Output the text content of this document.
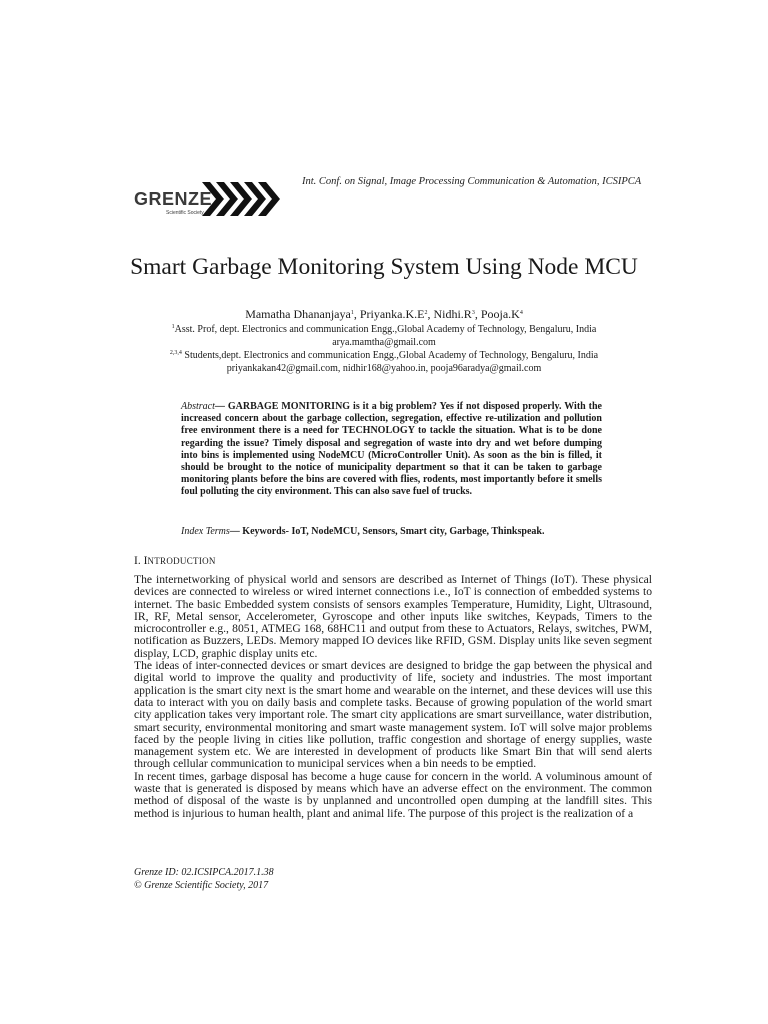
GRENZE
Scientific Society
Int. Conf. on Signal, Image Processing Communication & Automation, ICSIPCA
Smart Garbage Monitoring System Using Node MCU
Mamatha Dhananjaya$^1$, $Priyanka.K.E^2$, $Nidhi.R^3$, $Pooja.K^4$
$^1$Asst. Prof, dept. Electronics and communication Engg.,Global Academy of Technology, Bengaluru, India
arya.mamtha@gmail.com
$^{2,3,4}$ Students,dept. Electronics and communication Engg.,Global Academy of Technology, Bengaluru, India
priyankakan42@gmail.com, nidhir168@yahoo.in, pooja96aradya@gmail.com
Abstract— GARBAGE MONITORING is it a big problem? Yes if not disposed properly. With the increased concern about the garbage collection, segregation, effective re-utilization and pollution free environment there is a need for TECHNOLOGY to tackle the situation. What is to be done regarding the issue? Timely disposal and segregation of waste into dry and wet before dumping into bins is implemented using NodeMCU (MicroController Unit). As soon as the bin is filled, it should be brought to the notice of municipality department so that it can be taken to garbage monitoring plants before the bins are covered with flies, rodents, most importantly before it smells foul polluting the city environment. This can also save fuel of trucks.
Index Terms— Keywords- IoT, NodeMCU, Sensors, Smart city, Garbage, Thinkspeak.
I. INTRODUCTION

The internetworking of physical world and sensors are described as Internet of Things (IoT). These physical devices are connected to wireless or wired internet connections i.e., IoT is connection of embedded systems to internet. The basic Embedded system consists of sensors examples Temperature, Humidity, Light, Ultrasound, IR, RF, Metal sensor, Accelerometer, Gyroscope and other inputs like switches, Keypads, Timers to the microcontroller e.g., 8051, ATMEG 168, 68HC11 and output from these to Actuators, Relays, switches, PWM, notification as Buzzers, LEDs. Memory mapped IO devices like RFID, GSM. Display units like seven segment display, LCD, graphic display units etc.

The ideas of inter-connected devices or smart devices are designed to bridge the gap between the physical and digital world to improve the quality and productivity of life, society and industries. The most important application is the smart city next is the smart home and wearable on the internet, and these devices will use this data to interact with you on daily basis and complete tasks. Because of growing population of the world smart city application takes very important role. The smart city applications are smart surveillance, water distribution, smart security, environmental monitoring and smart waste management system. IoT will solve major problems faced by the people living in cities like pollution, traffic congestion and shortage of energy supplies, waste management system etc. We are interested in development of products like Smart Bin that will send alerts through cellular communication to municipal services when a bin needs to be emptied.

In recent times, garbage disposal has become a huge cause for concern in the world. A voluminous amount of waste that is generated is disposed by means which have an adverse effect on the environment. The common method of disposal of the waste is by unplanned and uncontrolled open dumping at the landfill sites. This method is injurious to human health, plant and animal life. The purpose of this project is the realization of a

Grenze ID: 02.ICSIPCA.2017.1.38
© Grenze Scientific Society, 2017
